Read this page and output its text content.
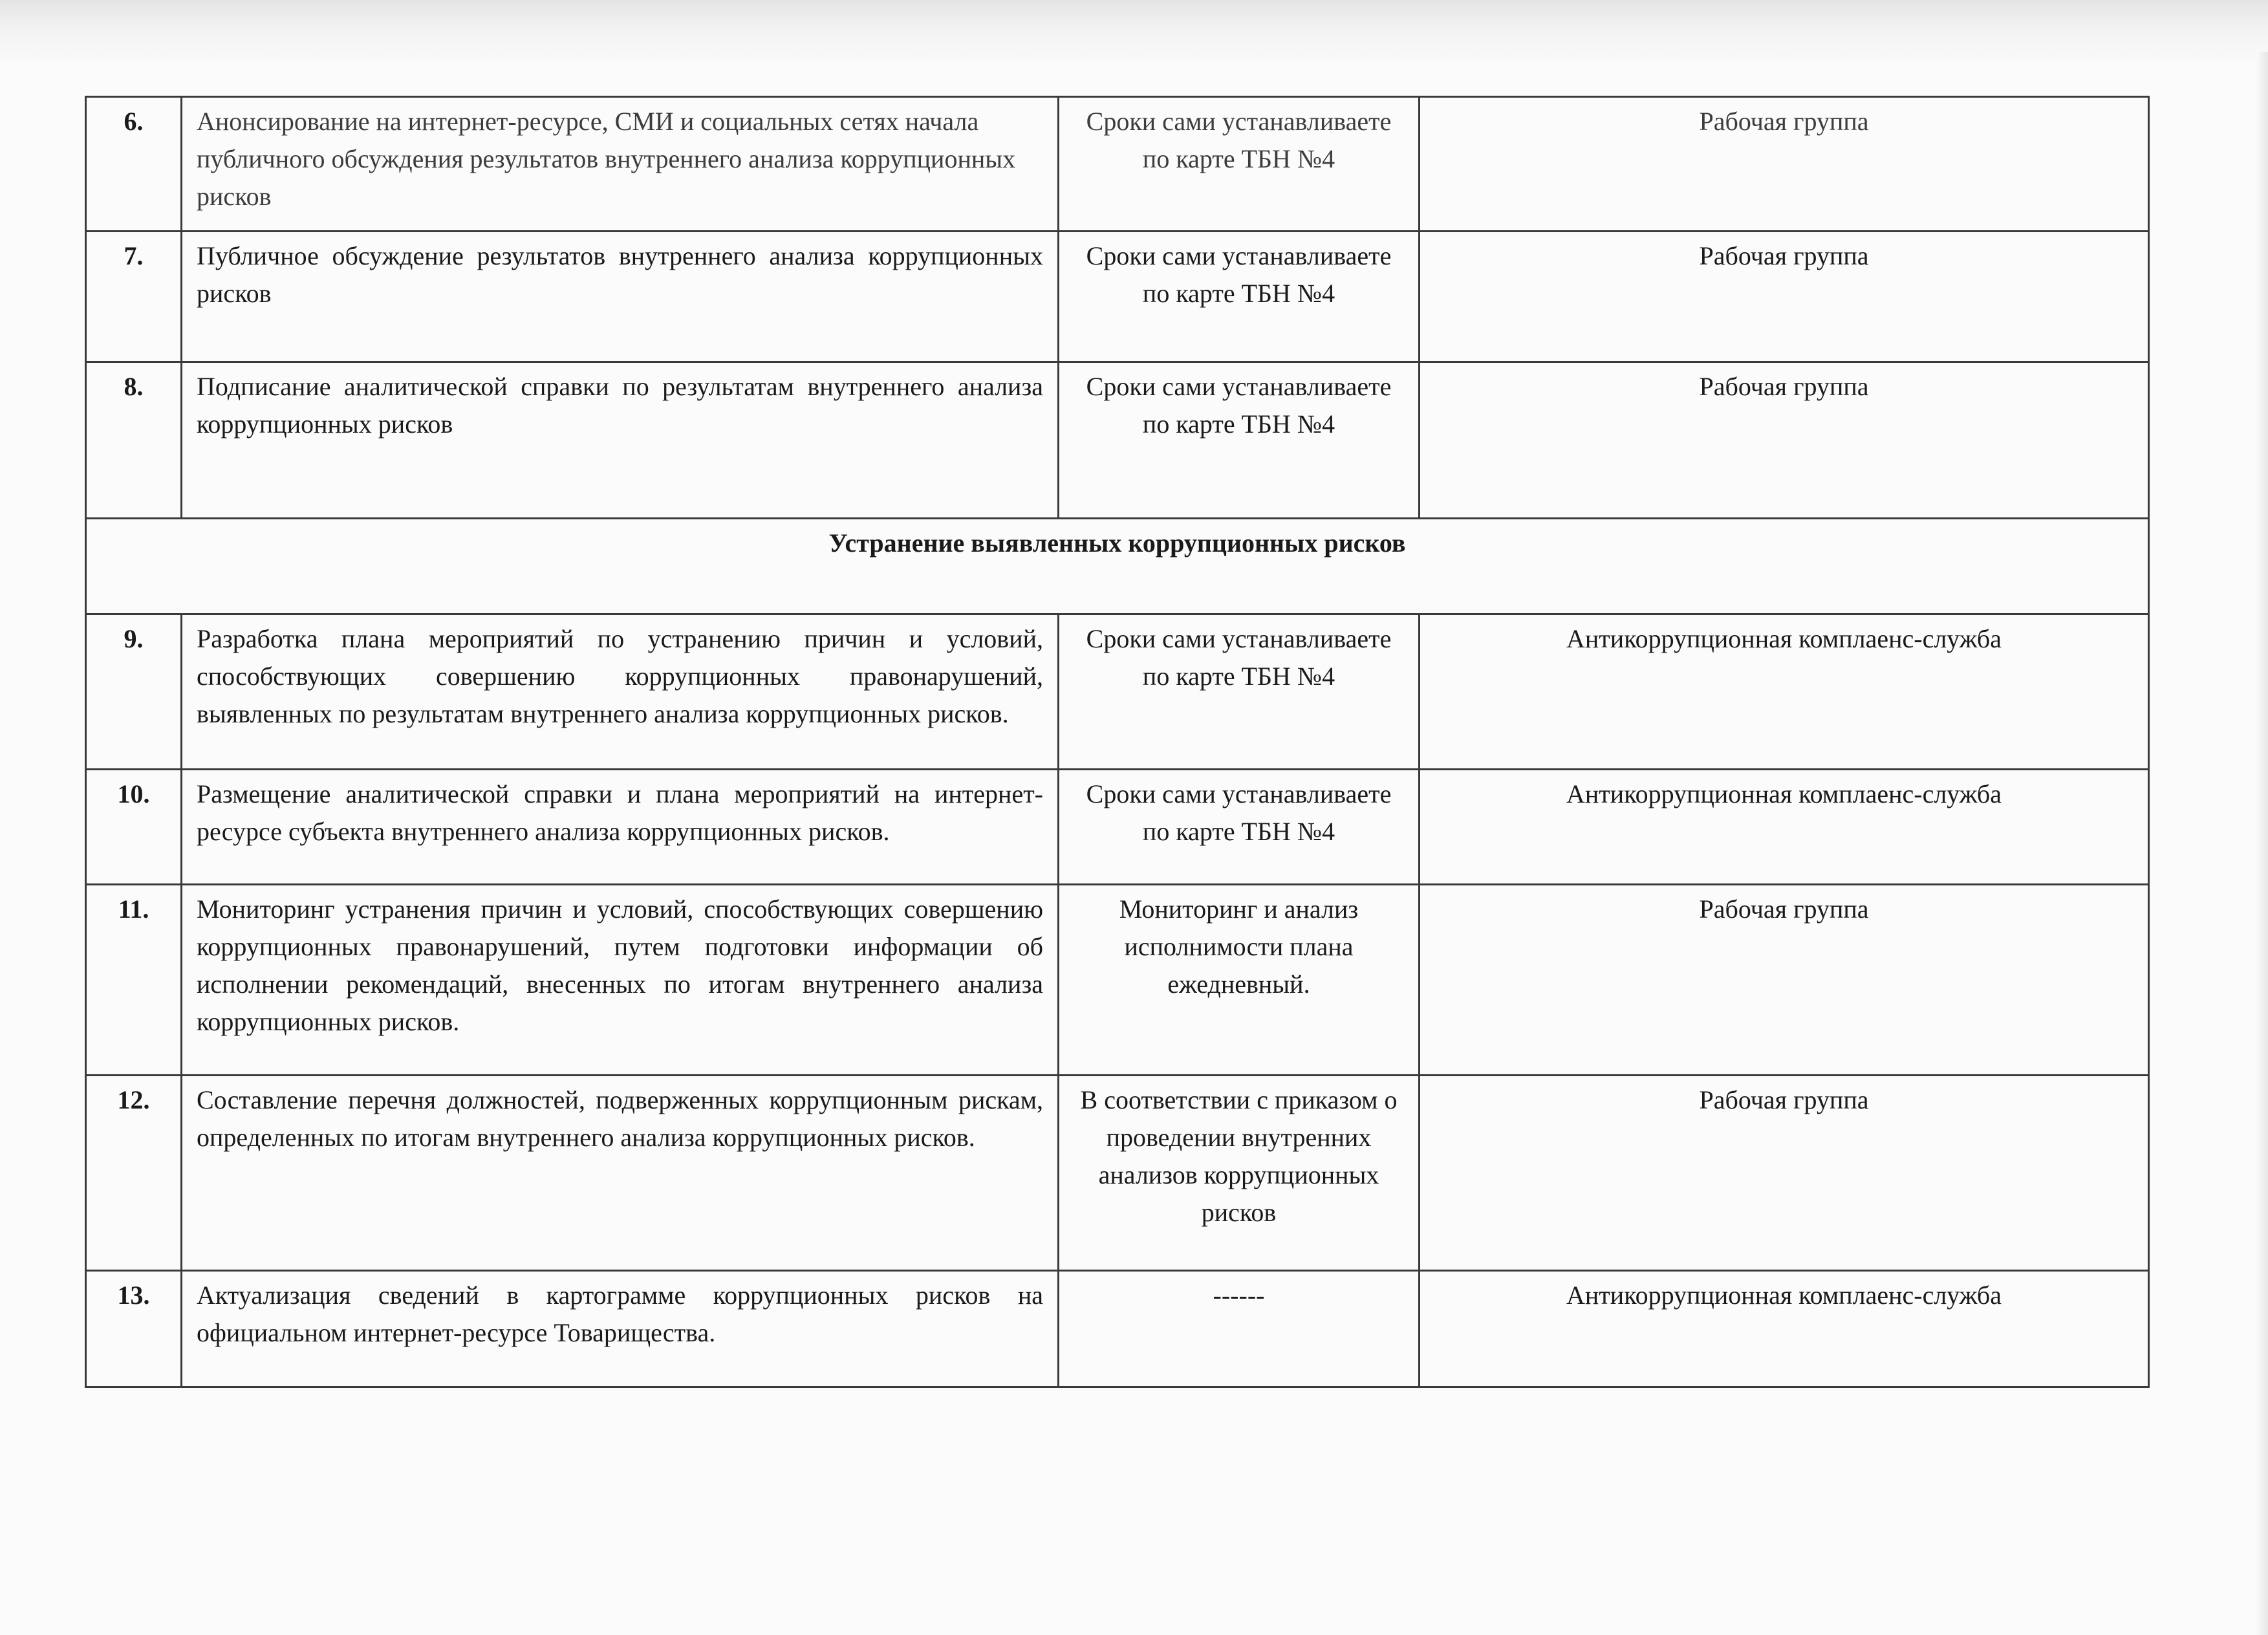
6.	Анонсирование на интернет-ресурсе, СМИ и социальных сетях начала публичного обсуждения результатов внутреннего анализа коррупционных рисков	Сроки сами устанавливаете по карте ТБН №4	Рабочая группа
7.	Публичное обсуждение результатов внутреннего анализа коррупционных рисков	Сроки сами устанавливаете по карте ТБН №4	Рабочая группа
8.	Подписание аналитической справки по результатам внутреннего анализа коррупционных рисков	Сроки сами устанавливаете по карте ТБН №4	Рабочая группа
Устранение выявленных коррупционных рисков			
9.	Разработка плана мероприятий по устранению причин и условий, способствующих совершению коррупционных правонарушений, выявленных по результатам внутреннего анализа коррупционных рисков.	Сроки сами устанавливаете по карте ТБН №4	Антикоррупционная комплаенс-служба
10.	Размещение аналитической справки и плана мероприятий на интернет-ресурсе субъекта внутреннего анализа коррупционных рисков.	Сроки сами устанавливаете по карте ТБН №4	Антикоррупционная комплаенс-служба
11.	Мониторинг устранения причин и условий, способствующих совершению коррупционных правонарушений, путем подготовки информации об исполнении рекомендаций, внесенных по итогам внутреннего анализа коррупционных рисков.	Мониторинг и анализ исполнимости плана ежедневный.	Рабочая группа
12.	Составление перечня должностей, подверженных коррупционным рискам, определенных по итогам внутреннего анализа коррупционных рисков.	В соответствии с приказом о проведении внутренних анализов коррупционных рисков	Рабочая группа
13.	Актуализация сведений в картограмме коррупционных рисков на официальном интернет-ресурсе Товарищества.	------	Антикоррупционная комплаенс-служба
